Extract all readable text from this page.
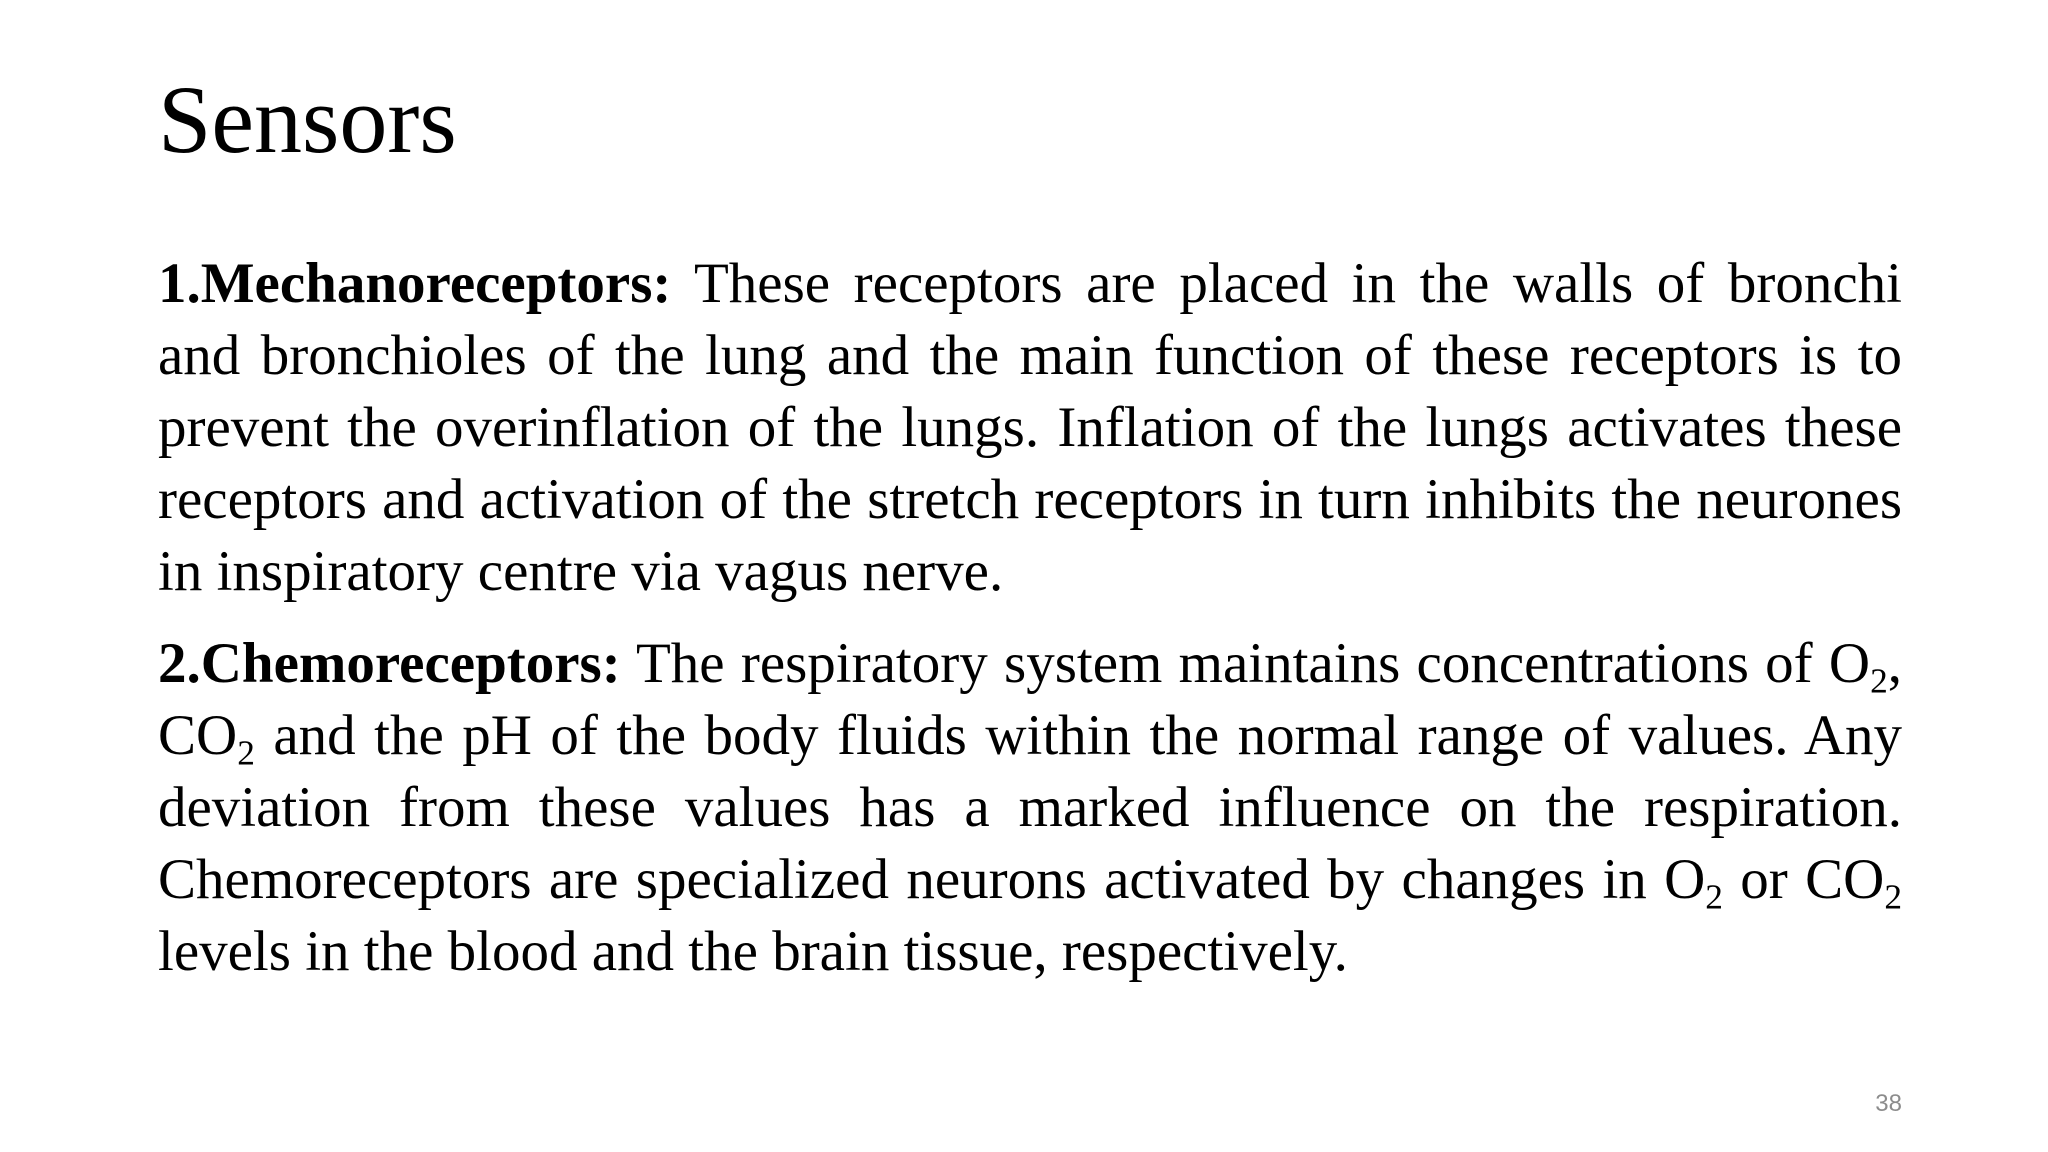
Sensors

1.Mechanoreceptors: These receptors are placed in the walls of bronchi and bronchioles of the lung and the main function of these receptors is to prevent the overinflation of the lungs. Inflation of the lungs activates these receptors and activation of the stretch receptors in turn inhibits the neurones in inspiratory centre via vagus nerve.

2.Chemoreceptors: The respiratory system maintains concentrations of $O_2$, $CO_2$ and the pH of the body fluids within the normal range of values. Any deviation from these values has a marked influence on the respiration. Chemoreceptors are specialized neurons activated by changes in $O_2$ or $CO_2$ levels in the blood and the brain tissue, respectively.

38
